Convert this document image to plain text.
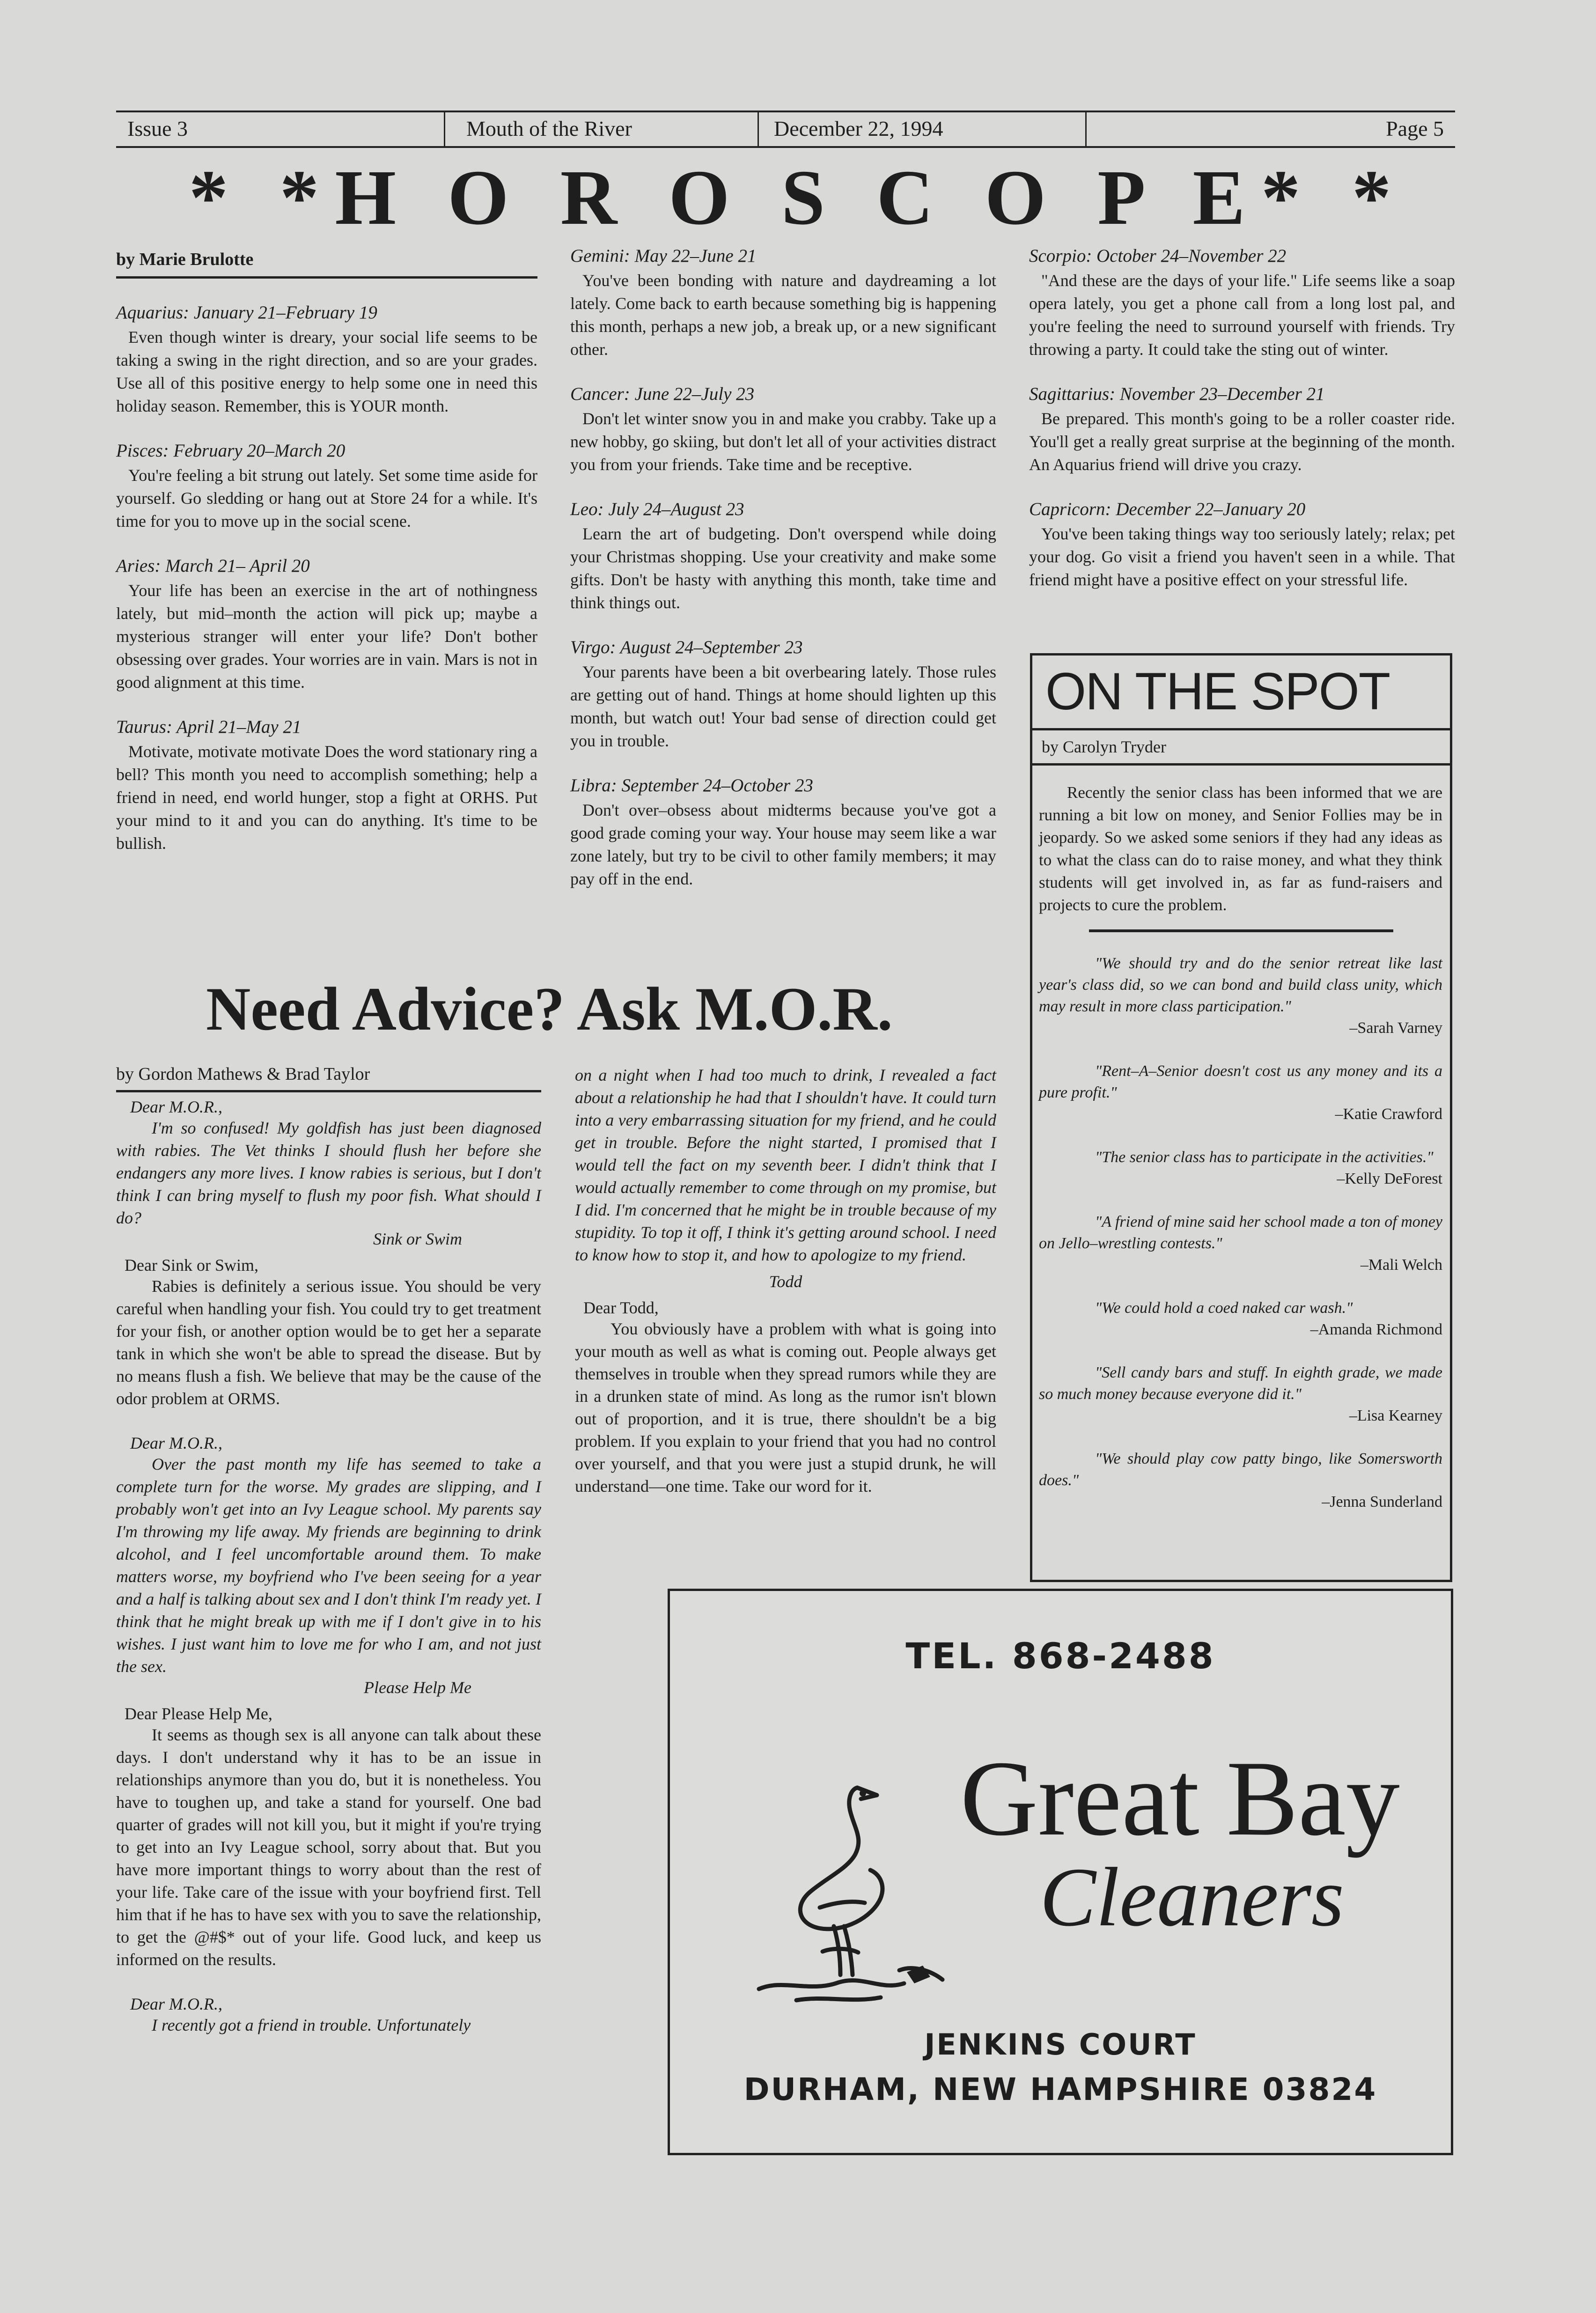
Issue 3	Mouth of the River	December 22, 1994	Page 5
* *H O R O S C O P E* *
by Marie Brulotte
Aquarius: January 21–February 19
Even though winter is dreary, your social life seems to be taking a swing in the right direction, and so are your grades. Use all of this positive energy to help some one in need this holiday season. Remember, this is YOUR month.
Pisces: February 20–March 20
You're feeling a bit strung out lately. Set some time aside for yourself. Go sledding or hang out at Store 24 for a while. It's time for you to move up in the social scene.
Aries: March 21– April 20
Your life has been an exercise in the art of nothingness lately, but mid–month the action will pick up; maybe a mysterious stranger will enter your life? Don't bother obsessing over grades. Your worries are in vain. Mars is not in good alignment at this time.
Taurus: April 21–May 21
Motivate, motivate motivate Does the word stationary ring a bell? This month you need to accomplish something; help a friend in need, end world hunger, stop a fight at ORHS. Put your mind to it and you can do anything. It's time to be bullish.
Gemini: May 22–June 21
You've been bonding with nature and daydreaming a lot lately. Come back to earth because something big is happening this month, perhaps a new job, a break up, or a new significant other.
Cancer: June 22–July 23
Don't let winter snow you in and make you crabby. Take up a new hobby, go skiing, but don't let all of your activities distract you from your friends. Take time and be receptive.
Leo: July 24–August 23
Learn the art of budgeting. Don't overspend while doing your Christmas shopping. Use your creativity and make some gifts. Don't be hasty with anything this month, take time and think things out.
Virgo: August 24–September 23
Your parents have been a bit overbearing lately. Those rules are getting out of hand. Things at home should lighten up this month, but watch out! Your bad sense of direction could get you in trouble.
Libra: September 24–October 23
Don't over–obsess about midterms because you've got a good grade coming your way. Your house may seem like a war zone lately, but try to be civil to other family members; it may pay off in the end.
Scorpio: October 24–November 22
"And these are the days of your life." Life seems like a soap opera lately, you get a phone call from a long lost pal, and you're feeling the need to surround yourself with friends. Try throwing a party. It could take the sting out of winter.
Sagittarius: November 23–December 21
Be prepared. This month's going to be a roller coaster ride. You'll get a really great surprise at the beginning of the month. An Aquarius friend will drive you crazy.
Capricorn: December 22–January 20
You've been taking things way too seriously lately; relax; pet your dog. Go visit a friend you haven't seen in a while. That friend might have a positive effect on your stressful life.
ON THE SPOT
by Carolyn Tryder
Recently the senior class has been informed that we are running a bit low on money, and Senior Follies may be in jeopardy. So we asked some seniors if they had any ideas as to what the class can do to raise money, and what they think students will get involved in, as far as fund-raisers and projects to cure the problem.
"We should try and do the senior retreat like last year's class did, so we can bond and build class unity, which may result in more class participation."
–Sarah Varney
"Rent–A–Senior doesn't cost us any money and its a pure profit."
–Katie Crawford
"The senior class has to participate in the activities."
–Kelly DeForest
"A friend of mine said her school made a ton of money on Jello–wrestling contests."
–Mali Welch
"We could hold a coed naked car wash."
–Amanda Richmond
"Sell candy bars and stuff. In eighth grade, we made so much money because everyone did it."
–Lisa Kearney
"We should play cow patty bingo, like Somersworth does."
–Jenna Sunderland
Need Advice? Ask M.O.R.
by Gordon Mathews & Brad Taylor
Dear M.O.R.,
I'm so confused! My goldfish has just been diagnosed with rabies. The Vet thinks I should flush her before she endangers any more lives. I know rabies is serious, but I don't think I can bring myself to flush my poor fish. What should I do?
Sink or Swim
Dear Sink or Swim,
Rabies is definitely a serious issue. You should be very careful when handling your fish. You could try to get treatment for your fish, or another option would be to get her a separate tank in which she won't be able to spread the disease. But by no means flush a fish. We believe that may be the cause of the odor problem at ORMS.
Dear M.O.R.,
Over the past month my life has seemed to take a complete turn for the worse. My grades are slipping, and I probably won't get into an Ivy League school. My parents say I'm throwing my life away. My friends are beginning to drink alcohol, and I feel uncomfortable around them. To make matters worse, my boyfriend who I've been seeing for a year and a half is talking about sex and I don't think I'm ready yet. I think that he might break up with me if I don't give in to his wishes. I just want him to love me for who I am, and not just the sex.
Please Help Me
Dear Please Help Me,
It seems as though sex is all anyone can talk about these days. I don't understand why it has to be an issue in relationships anymore than you do, but it is nonetheless. You have to toughen up, and take a stand for yourself. One bad quarter of grades will not kill you, but it might if you're trying to get into an Ivy League school, sorry about that. But you have more important things to worry about than the rest of your life. Take care of the issue with your boyfriend first. Tell him that if he has to have sex with you to save the relationship, to get the @#$* out of your life. Good luck, and keep us informed on the results.
Dear M.O.R.,
I recently got a friend in trouble. Unfortunately
on a night when I had too much to drink, I revealed a fact about a relationship he had that I shouldn't have. It could turn into a very embarrassing situation for my friend, and he could get in trouble. Before the night started, I promised that I would tell the fact on my seventh beer. I didn't think that I would actually remember to come through on my promise, but I did. I'm concerned that he might be in trouble because of my stupidity. To top it off, I think it's getting around school. I need to know how to stop it, and how to apologize to my friend.
Todd
Dear Todd,
You obviously have a problem with what is going into your mouth as well as what is coming out. People always get themselves in trouble when they spread rumors while they are in a drunken state of mind. As long as the rumor isn't blown out of proportion, and it is true, there shouldn't be a big problem. If you explain to your friend that you had no control over yourself, and that you were just a stupid drunk, he will understand—one time. Take our word for it.
TEL. 868-2488
Great Bay
Cleaners
JENKINS COURT
DURHAM, NEW HAMPSHIRE 03824
